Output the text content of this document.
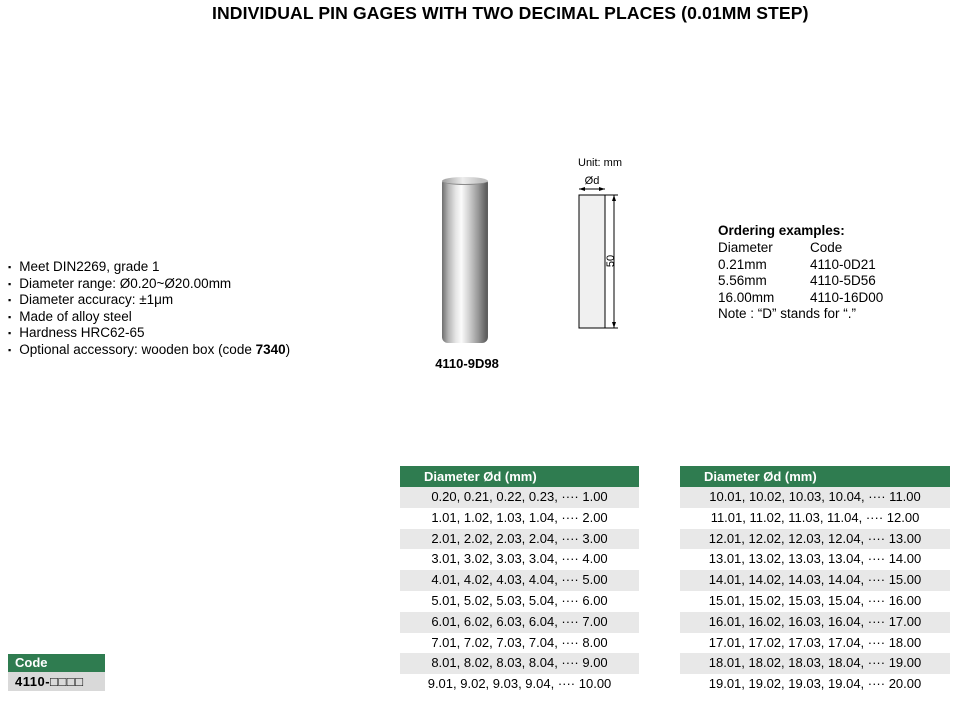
INDIVIDUAL PIN GAGES WITH TWO DECIMAL PLACES (0.01MM STEP)
▪ Meet DIN2269, grade 1
▪ Diameter range: Ø0.20~Ø20.00mm
▪ Diameter accuracy: ±1μm
▪ Made of alloy steel
▪ Hardness HRC62-65
▪ Optional accessory: wooden box (code 7340)
4110-9D98
Unit: mm
Ød
50
Ordering examples:
Diameter	Code
0.21mm	4110-0D21
5.56mm	4110-5D56
16.00mm	4110-16D00
Note : “D” stands for “.”
Code
4110-□□□□
Diameter Ød (mm)
0.20, 0.21, 0.22, 0.23, ···· 1.00
1.01, 1.02, 1.03, 1.04, ···· 2.00
2.01, 2.02, 2.03, 2.04, ···· 3.00
3.01, 3.02, 3.03, 3.04, ···· 4.00
4.01, 4.02, 4.03, 4.04, ···· 5.00
5.01, 5.02, 5.03, 5.04, ···· 6.00
6.01, 6.02, 6.03, 6.04, ···· 7.00
7.01, 7.02, 7.03, 7.04, ···· 8.00
8.01, 8.02, 8.03, 8.04, ···· 9.00
9.01, 9.02, 9.03, 9.04, ···· 10.00
Diameter Ød (mm)
10.01, 10.02, 10.03, 10.04, ···· 11.00
11.01, 11.02, 11.03, 11.04, ···· 12.00
12.01, 12.02, 12.03, 12.04, ···· 13.00
13.01, 13.02, 13.03, 13.04, ···· 14.00
14.01, 14.02, 14.03, 14.04, ···· 15.00
15.01, 15.02, 15.03, 15.04, ···· 16.00
16.01, 16.02, 16.03, 16.04, ···· 17.00
17.01, 17.02, 17.03, 17.04, ···· 18.00
18.01, 18.02, 18.03, 18.04, ···· 19.00
19.01, 19.02, 19.03, 19.04, ···· 20.00
